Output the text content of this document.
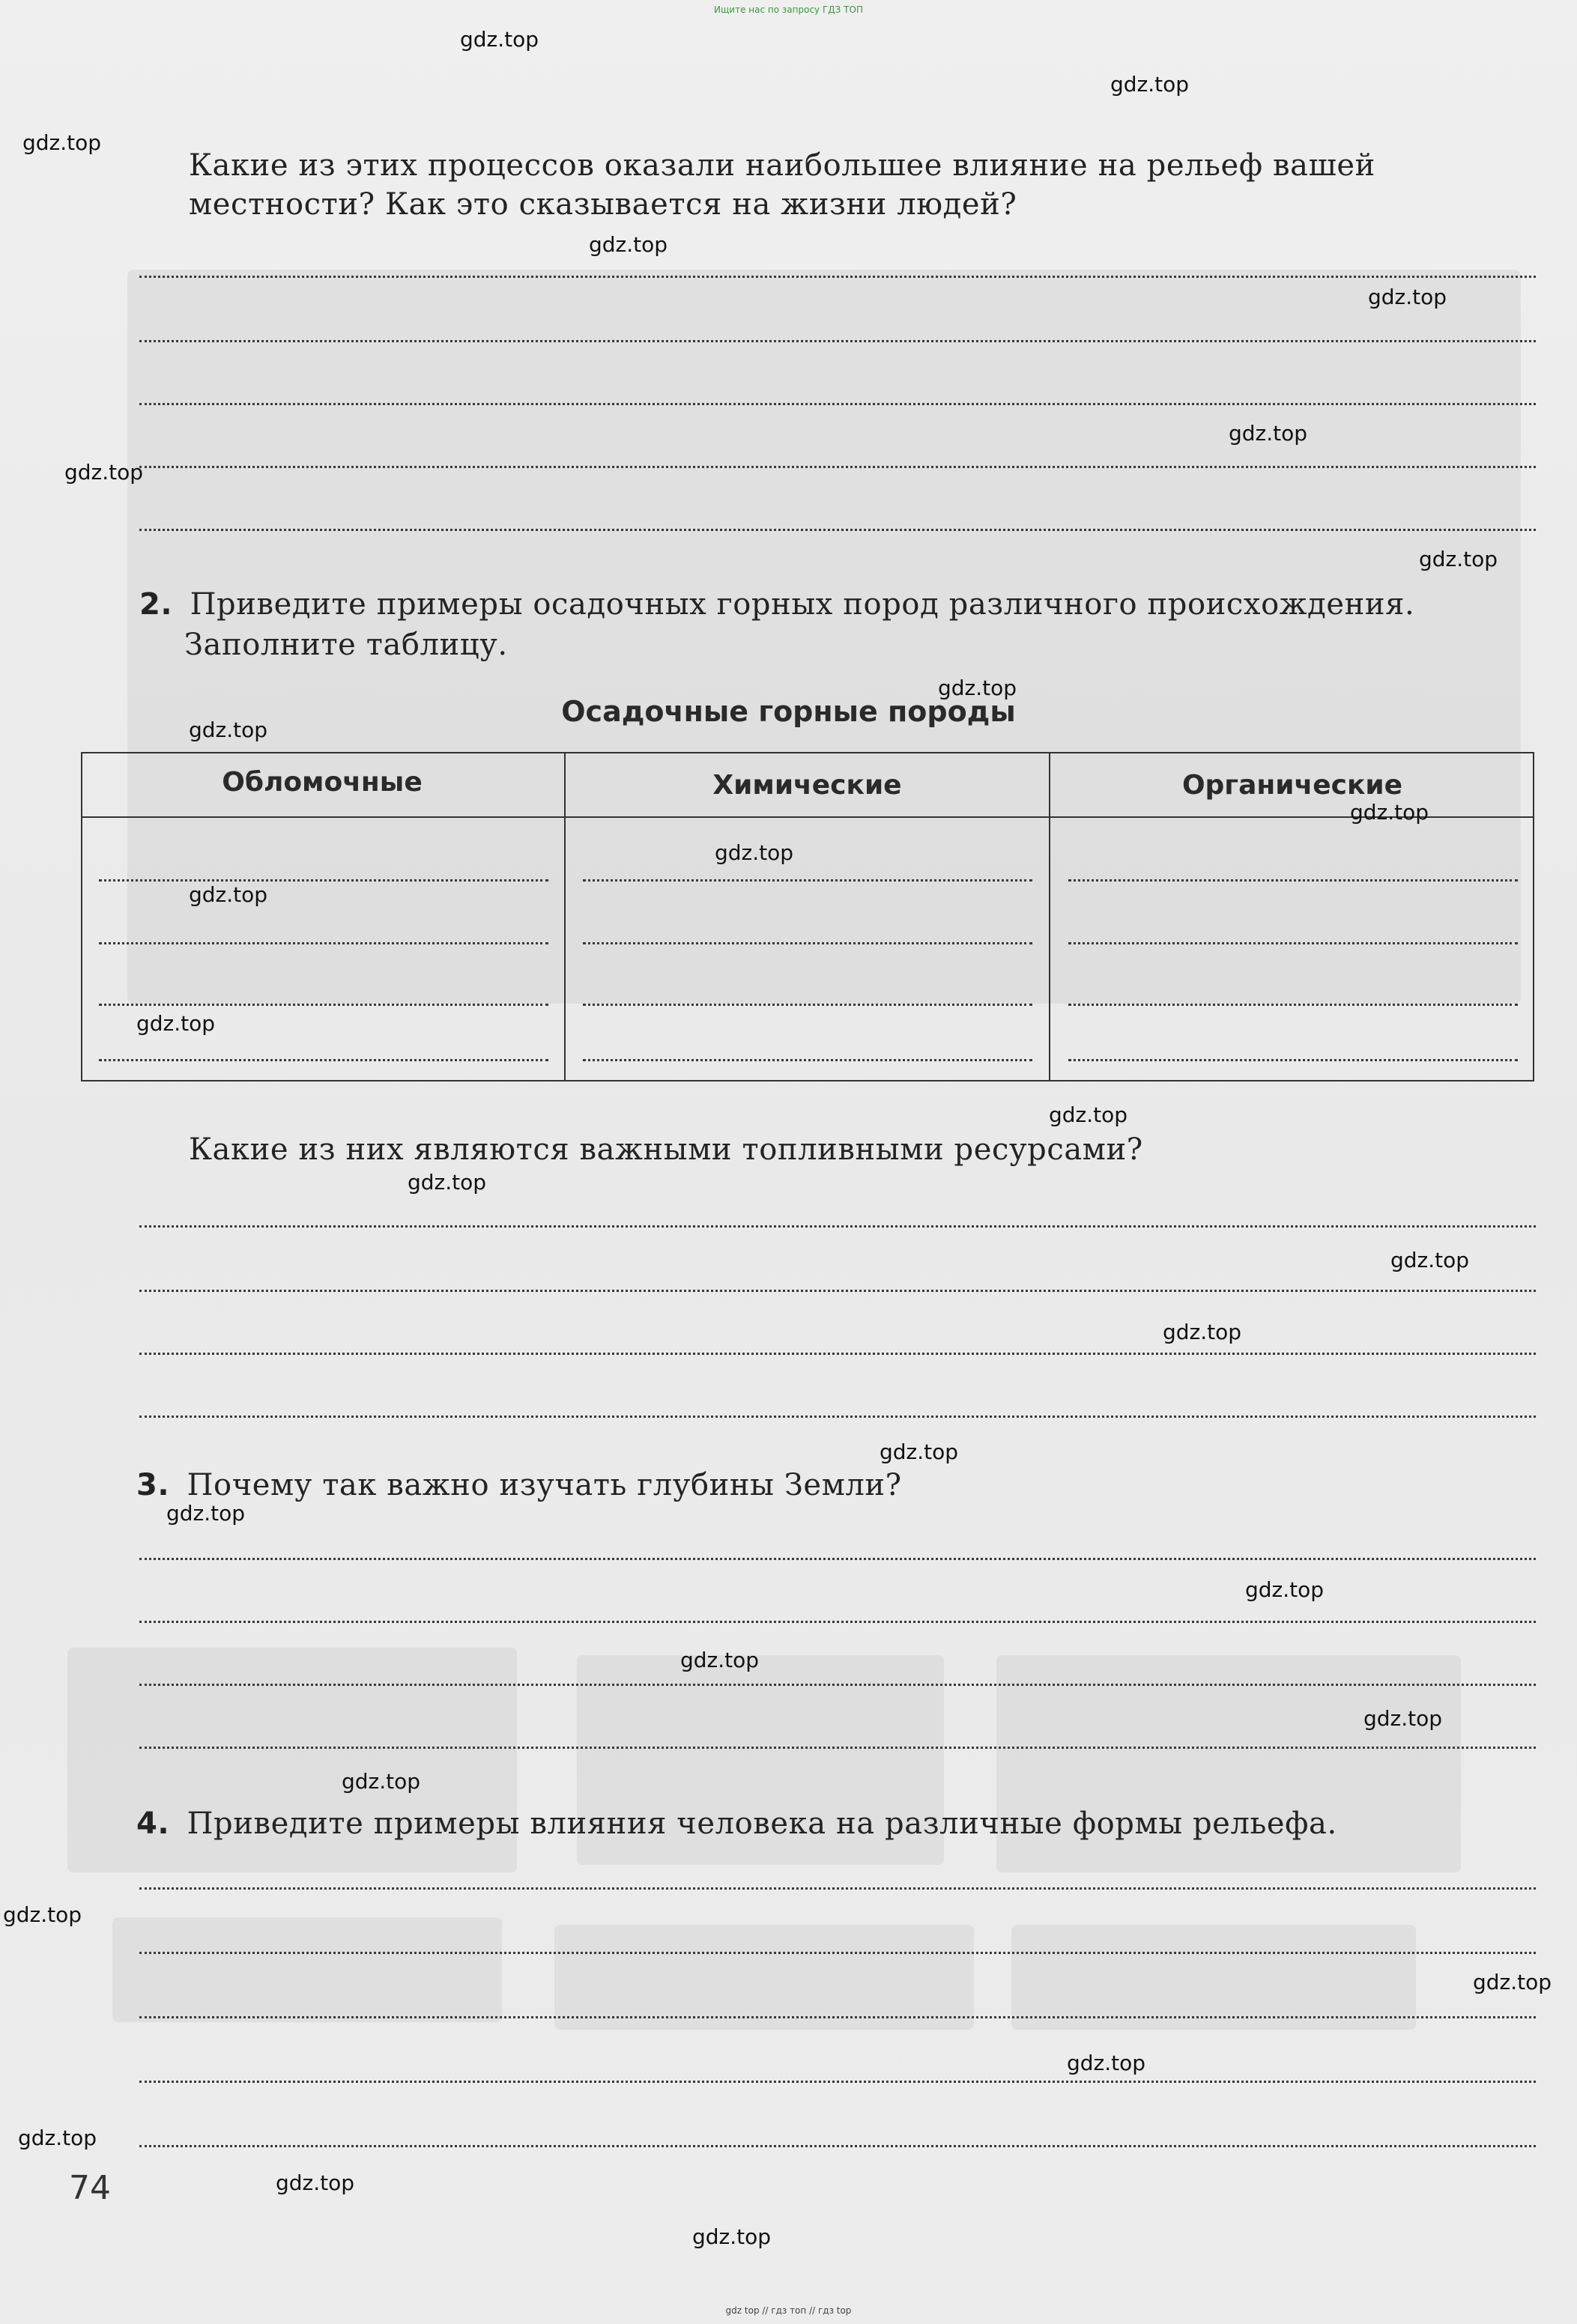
Ищите нас по запросу ГДЗ ТОП
Какие из этих процессов оказали наибольшее влияние на рельеф вашей
местности? Как это сказывается на жизни людей?
2. Приведите примеры осадочных горных пород различного происхождения.
Заполните таблицу.
Осадочные горные породы
Обломочные	Химические	Органические
Какие из них являются важными топливными ресурсами?
3. Почему так важно изучать глубины Земли?
4. Приведите примеры влияния человека на различные формы рельефа.
74
gdz.top
gdz.top
gdz.top
gdz.top
gdz.top
gdz.top
gdz.top
gdz.top
gdz.top
gdz.top
gdz.top
gdz.top
gdz.top
gdz.top
gdz.top
gdz.top
gdz.top
gdz.top
gdz.top
gdz.top
gdz.top
gdz.top
gdz.top
gdz.top
gdz.top
gdz.top
gdz.top
gdz.top
gdz.top
gdz.top
gdz top // гдз топ // гдз top
